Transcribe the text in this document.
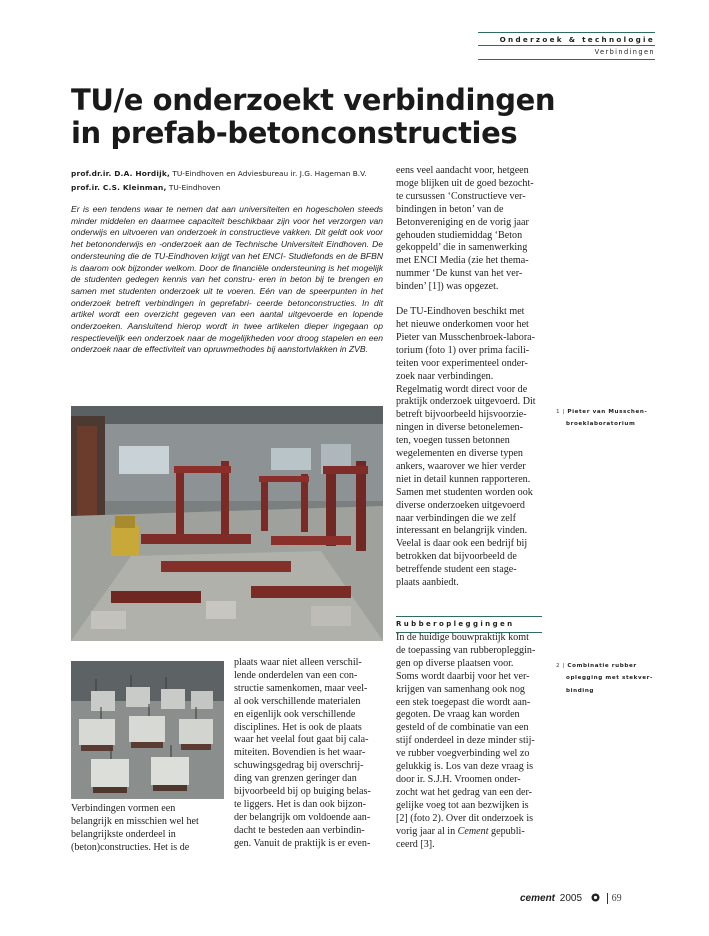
Onderzoek & technologie
Verbindingen
TU/e onderzoekt verbindingen
in prefab-betonconstructies
prof.dr.ir. D.A. Hordijk, TU-Eindhoven en Adviesbureau ir. J.G. Hageman B.V.
prof.ir. C.S. Kleinman, TU-Eindhoven
Er is een tendens waar te nemen dat aan universiteiten en hogescholen steeds minder middelen en daarmee capaciteit beschikbaar zijn voor het verzorgen van onderwijs en uitvoeren van onderzoek in constructieve vakken. Dit geldt ook voor het betononderwijs en -onderzoek aan de Technische Universiteit Eindhoven. De ondersteuning die de TU-Eindhoven krijgt van het ENCI- Studiefonds en de BFBN is daarom ook bijzonder welkom. Door de financiële ondersteuning is het mogelijk de studenten gedegen kennis van het constru- eren in beton bij te brengen en samen met studenten onderzoek uit te voeren. Eén van de speerpunten in het onderzoek betreft verbindingen in geprefabri- ceerde betonconstructies. In dit artikel wordt een overzicht gegeven van een aantal uitgevoerde en lopende onderzoeken. Aansluitend hierop wordt in twee artikelen dieper ingegaan op respectievelijk een onderzoek naar de mogelijkheden voor droog stapelen en een onderzoek naar de effectiviteit van opruwmethodes bij aanstortvlakken in ZVB.
Verbindingen vormen een
belangrijk en misschien wel het
belangrijkste onderdeel in
(beton)constructies. Het is de
plaats waar niet alleen verschil-
lende onderdelen van een con-
structie samenkomen, maar veel-
al ook verschillende materialen
en eigenlijk ook verschillende
disciplines. Het is ook de plaats
waar het veelal fout gaat bij cala-
miteiten. Bovendien is het waar-
schuwingsgedrag bij overschrij-
ding van grenzen geringer dan
bijvoorbeeld bij op buiging belas-
te liggers. Het is dan ook bijzon-
der belangrijk om voldoende aan-
dacht te besteden aan verbindin-
gen. Vanuit de praktijk is er even-

eens veel aandacht voor, hetgeen
moge blijken uit de goed bezocht-
te cursussen ‘Constructieve ver-
bindingen in beton’ van de
Betonvereniging en de vorig jaar
gehouden studiemiddag ‘Beton
gekoppeld’ die in samenwerking
met ENCI Media (zie het thema-
nummer ‘De kunst van het ver-
binden’ [1]) was opgezet.

De TU-Eindhoven beschikt met
het nieuwe onderkomen voor het
Pieter van Musschenbroek-labora-
torium (foto 1) over prima facili-
teiten voor experimenteel onder-
zoek naar verbindingen.
Regelmatig wordt direct voor de
praktijk onderzoek uitgevoerd. Dit
betreft bijvoorbeeld hijsvoorzie-
ningen in diverse betonelemen-
ten, voegen tussen betonnen
wegelementen en diverse typen
ankers, waarover we hier verder
niet in detail kunnen rapporteren.
Samen met studenten worden ook
diverse onderzoeken uitgevoerd
naar verbindingen die we zelf
interessant en belangrijk vinden.
Veelal is daar ook een bedrijf bij
betrokken dat bijvoorbeeld de
betreffende student een stage-
plaats aanbiedt.

Rubberopleggingen
In de huidige bouwpraktijk komt
de toepassing van rubberopleggin-
gen op diverse plaatsen voor.
Soms wordt daarbij voor het ver-
krijgen van samenhang ook nog
een stek toegepast die wordt aan-
gegoten. De vraag kan worden
gesteld of de combinatie van een
stijf onderdeel in deze minder stij-
ve rubber voegverbinding wel zo
gelukkig is. Los van deze vraag is
door ir. S.J.H. Vroomen onder-
zocht wat het gedrag van een der-
gelijke voeg tot aan bezwijken is
[2] (foto 2). Over dit onderzoek is
vorig jaar al in Cement gepubli-
ceerd [3].
1 | Pieter van Musschen-
broeklaboratorium
2 | Combinatie rubber
oplegging met stekver-
binding
cement 2005	69
